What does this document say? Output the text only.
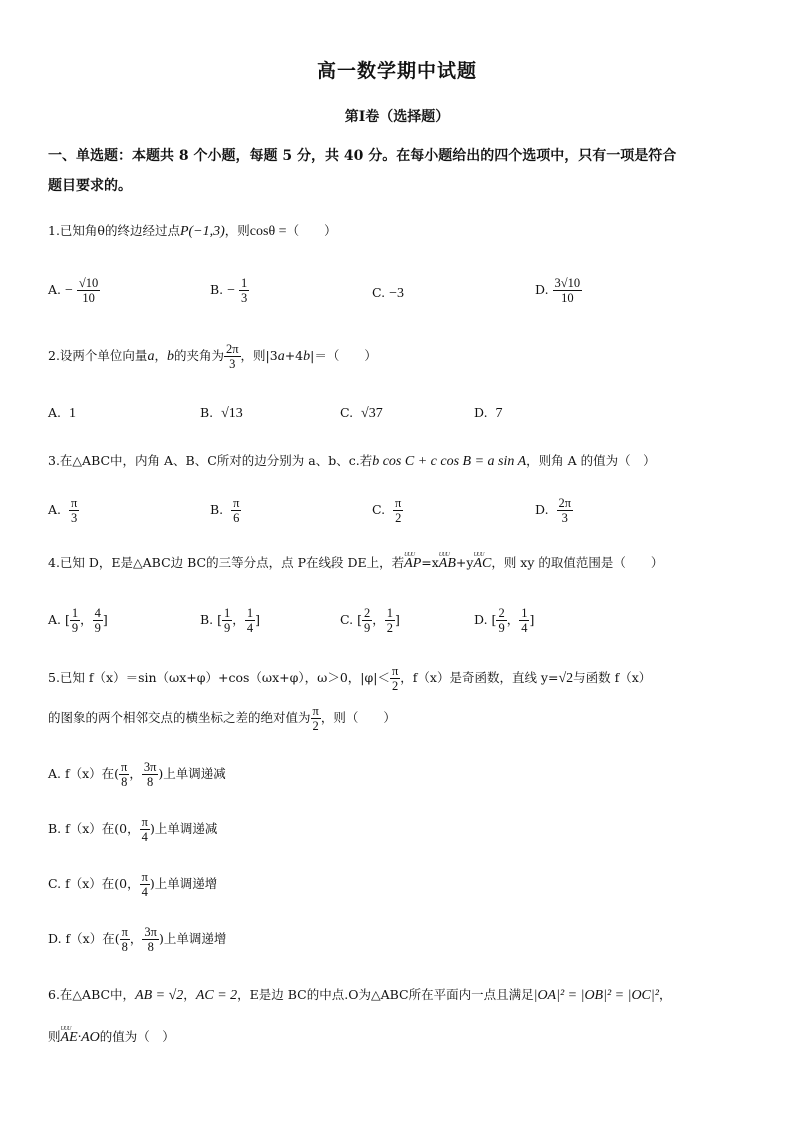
高一数学期中试题
第Ⅰ卷（选择题）
一、单选题：本题共 8 个小题，每题 5 分，共 40 分。在每小题给出的四个选项中，只有一项是符合
题目要求的。
1.已知角θ的终边经过点P(−1,3)，则cosθ =（　　）
A. − $\frac{√10}{10}$	B. − $\frac{1}{3}$	C. −3	D. $\frac{3√10}{10}$
2.设两个单位向量a，b的夹角为 $\frac{2\pi}{3}$ ，则|3a+4b|＝（　　）
A. 1	B. √13	C. √37	D. 7
3.在△ABC中，内角 A、B、C所对的边分别为 a、b、c.若b cos C + c cos B = a sin A，则角 A 的值为（　）
A. $\frac{\pi}{3}$	B. $\frac{\pi}{6}$	C. $\frac{\pi}{2}$	D. $\frac{2\pi}{3}$
4.已知 D，E是△ABC边 BC的三等分点，点 P在线段 DE上，若UUU AP=xUUU AB+yUUU AC，则 xy 的取值范围是（　　）
A. [ $\frac{1}{9}$ ， $\frac{4}{9}$ ]	B. [ $\frac{1}{9}$ ， $\frac{1}{4}$ ]	C. [ $\frac{2}{9}$ ， $\frac{1}{2}$ ]	D. [ $\frac{2}{9}$ ， $\frac{1}{4}$ ]
5.已知 f（x）＝sin（ωx+φ）+cos（ωx+φ），ω＞0，$|\varphi|< \frac{\pi}{2}$ ，f（x）是奇函数，直线 y=√2与函数 f（x）
的图象的两个相邻交点的横坐标之差的绝对值为 $\frac{\pi}{2}$ ，则（　　）
A. f（x）在( $\frac{\pi}{8}$ ， $\frac{3\pi}{8}$ )上单调递减
B. f（x）在(0， $\frac{\pi}{4}$ )上单调递减
C. f（x）在(0， $\frac{\pi}{4}$ )上单调递增
D. f（x）在( $\frac{\pi}{8}$ ， $\frac{3\pi}{8}$ )上单调递增
6.在△ABC中，AB = √2，AC = 2，E是边 BC的中点.O为△ABC所在平面内一点且满足|OA|² = |OB|² = |OC|²，
则UUU AE·AO的值为（　）
